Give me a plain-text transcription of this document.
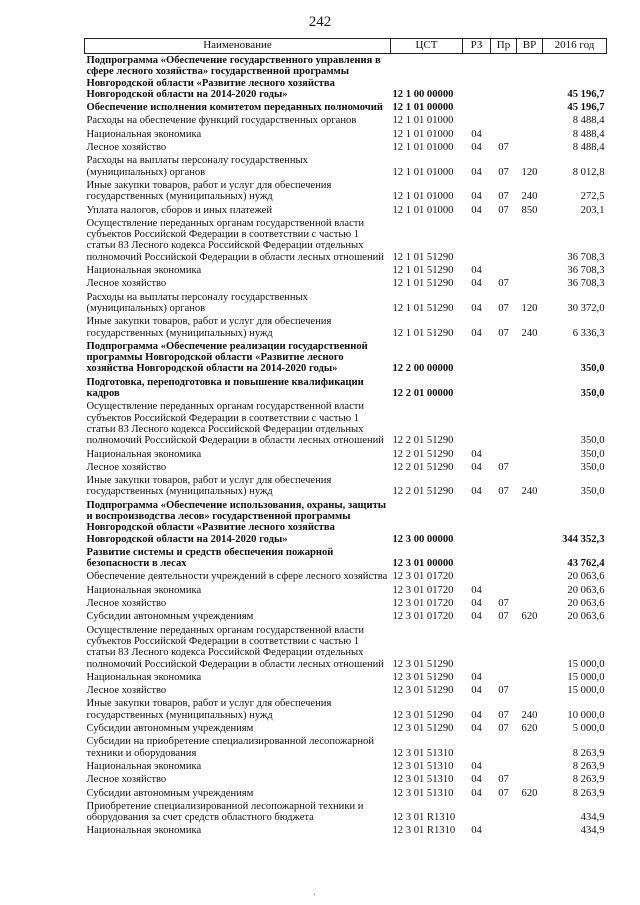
242
Наименование	ЦСТ	РЗ	Пр	ВР	2016 год
Подпрограмма «Обеспечение государственного управления в сфере лесного хозяйства» государственной программы Новгородской области «Развитие лесного хозяйства Новгородской области на 2014-2020 годы»	12 1 00 00000				45 196,7
Обеспечение исполнения комитетом переданных полномочий	12 1 01 00000				45 196,7
Расходы на обеспечение функций государственных органов	12 1 01 01000				8 488,4
Национальная экономика	12 1 01 01000	04			8 488,4
Лесное хозяйство	12 1 01 01000	04	07		8 488,4
Расходы на выплаты персоналу государственных (муниципальных) органов	12 1 01 01000	04	07	120	8 012,8
Иные закупки товаров, работ и услуг для обеспечения государственных (муниципальных) нужд	12 1 01 01000	04	07	240	272,5
Уплата налогов, сборов и иных платежей	12 1 01 01000	04	07	850	203,1
Осуществление переданных органам государственной власти субъектов Российской Федерации в соответствии с частью 1 статьи 83 Лесного кодекса Российской Федерации отдельных полномочий Российской Федерации в области лесных отношений	12 1 01 51290				36 708,3
Национальная экономика	12 1 01 51290	04			36 708,3
Лесное хозяйство	12 1 01 51290	04	07		36 708,3
Расходы на выплаты персоналу государственных (муниципальных) органов	12 1 01 51290	04	07	120	30 372,0
Иные закупки товаров, работ и услуг для обеспечения государственных (муниципальных) нужд	12 1 01 51290	04	07	240	6 336,3
Подпрограмма «Обеспечение реализации государственной программы Новгородской области «Развитие лесного хозяйства Новгородской области на 2014-2020 годы»	12 2 00 00000				350,0
Подготовка, переподготовка и повышение квалификации кадров	12 2 01 00000				350,0
Осуществление переданных органам государственной власти субъектов Российской Федерации в соответствии с частью 1 статьи 83 Лесного кодекса Российской Федерации отдельных полномочий Российской Федерации в области лесных отношений	12 2 01 51290				350,0
Национальная экономика	12 2 01 51290	04			350,0
Лесное хозяйство	12 2 01 51290	04	07		350,0
Иные закупки товаров, работ и услуг для обеспечения государственных (муниципальных) нужд	12 2 01 51290	04	07	240	350,0
Подпрограмма «Обеспечение использования, охраны, защиты и воспроизводства лесов» государственной программы Новгородской области «Развитие лесного хозяйства Новгородской области на 2014-2020 годы»	12 3 00 00000				344 352,3
Развитие системы и средств обеспечения пожарной безопасности в лесах	12 3 01 00000				43 762,4
Обеспечение деятельности учреждений в сфере лесного хозяйства	12 3 01 01720				20 063,6
Национальная экономика	12 3 01 01720	04			20 063,6
Лесное хозяйство	12 3 01 01720	04	07		20 063,6
Субсидии автономным учреждениям	12 3 01 01720	04	07	620	20 063,6
Осуществление переданных органам государственной власти субъектов Российской Федерации в соответствии с частью 1 статьи 83 Лесного кодекса Российской Федерации отдельных полномочий Российской Федерации в области лесных отношений	12 3 01 51290				15 000,0
Национальная экономика	12 3 01 51290	04			15 000,0
Лесное хозяйство	12 3 01 51290	04	07		15 000,0
Иные закупки товаров, работ и услуг для обеспечения государственных (муниципальных) нужд	12 3 01 51290	04	07	240	10 000,0
Субсидии автономным учреждениям	12 3 01 51290	04	07	620	5 000,0
Субсидии на приобретение специализированной лесопожарной техники и оборудования	12 3 01 51310				8 263,9
Национальная экономика	12 3 01 51310	04			8 263,9
Лесное хозяйство	12 3 01 51310	04	07		8 263,9
Субсидии автономным учреждениям	12 3 01 51310	04	07	620	8 263,9
Приобретение специализированной лесопожарной техники и оборудования за счет средств областного бюджета	12 3 01 R1310				434,9
Национальная экономика	12 3 01 R1310	04			434,9
'
